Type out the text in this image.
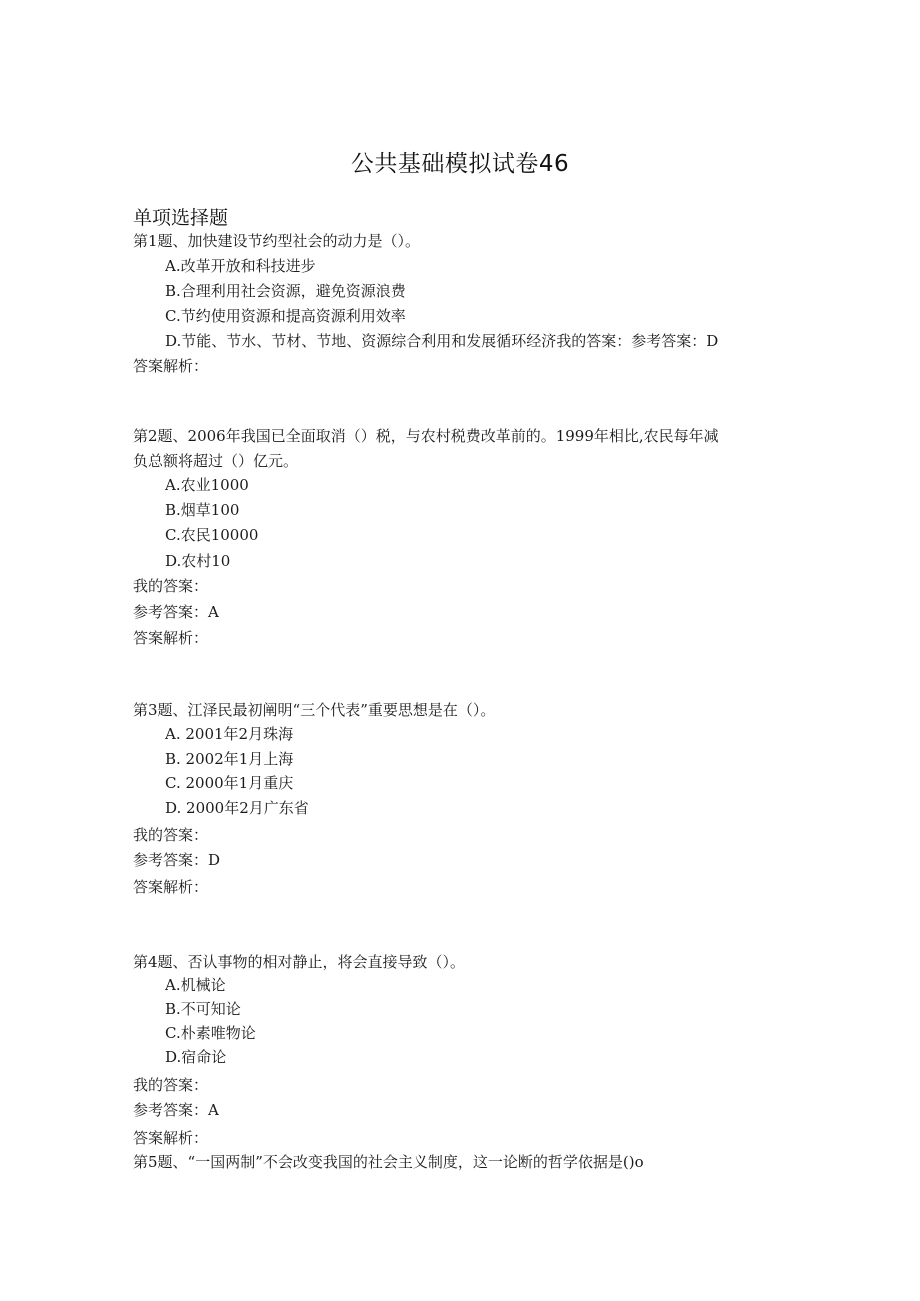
公共基础模拟试卷46
单项选择题
第1题、加快建设节约型社会的动力是（）。
A.改革开放和科技进步
B.合理利用社会资源，避免资源浪费
C.节约使用资源和提高资源利用效率
D.节能、节水、节材、节地、资源综合利用和发展循环经济我的答案：参考答案：D
答案解析：
第2题、2006年我国已全面取消（）税，与农村税费改革前的。1999年相比,农民每年减
负总额将超过（）亿元。
A.农业1000
B.烟草100
C.农民10000
D.农村10
我的答案：
参考答案：A
答案解析：
第3题、江泽民最初阐明“三个代表”重要思想是在（）。
A. 2001年2月珠海
B. 2002年1月上海
C. 2000年1月重庆
D. 2000年2月广东省
我的答案：
参考答案：D
答案解析：
第4题、否认事物的相对静止，将会直接导致（）。
A.机械论
B.不可知论
C.朴素唯物论
D.宿命论
我的答案：
参考答案：A
答案解析：
第5题、“一国两制”不会改变我国的社会主义制度，这一论断的哲学依据是()o
